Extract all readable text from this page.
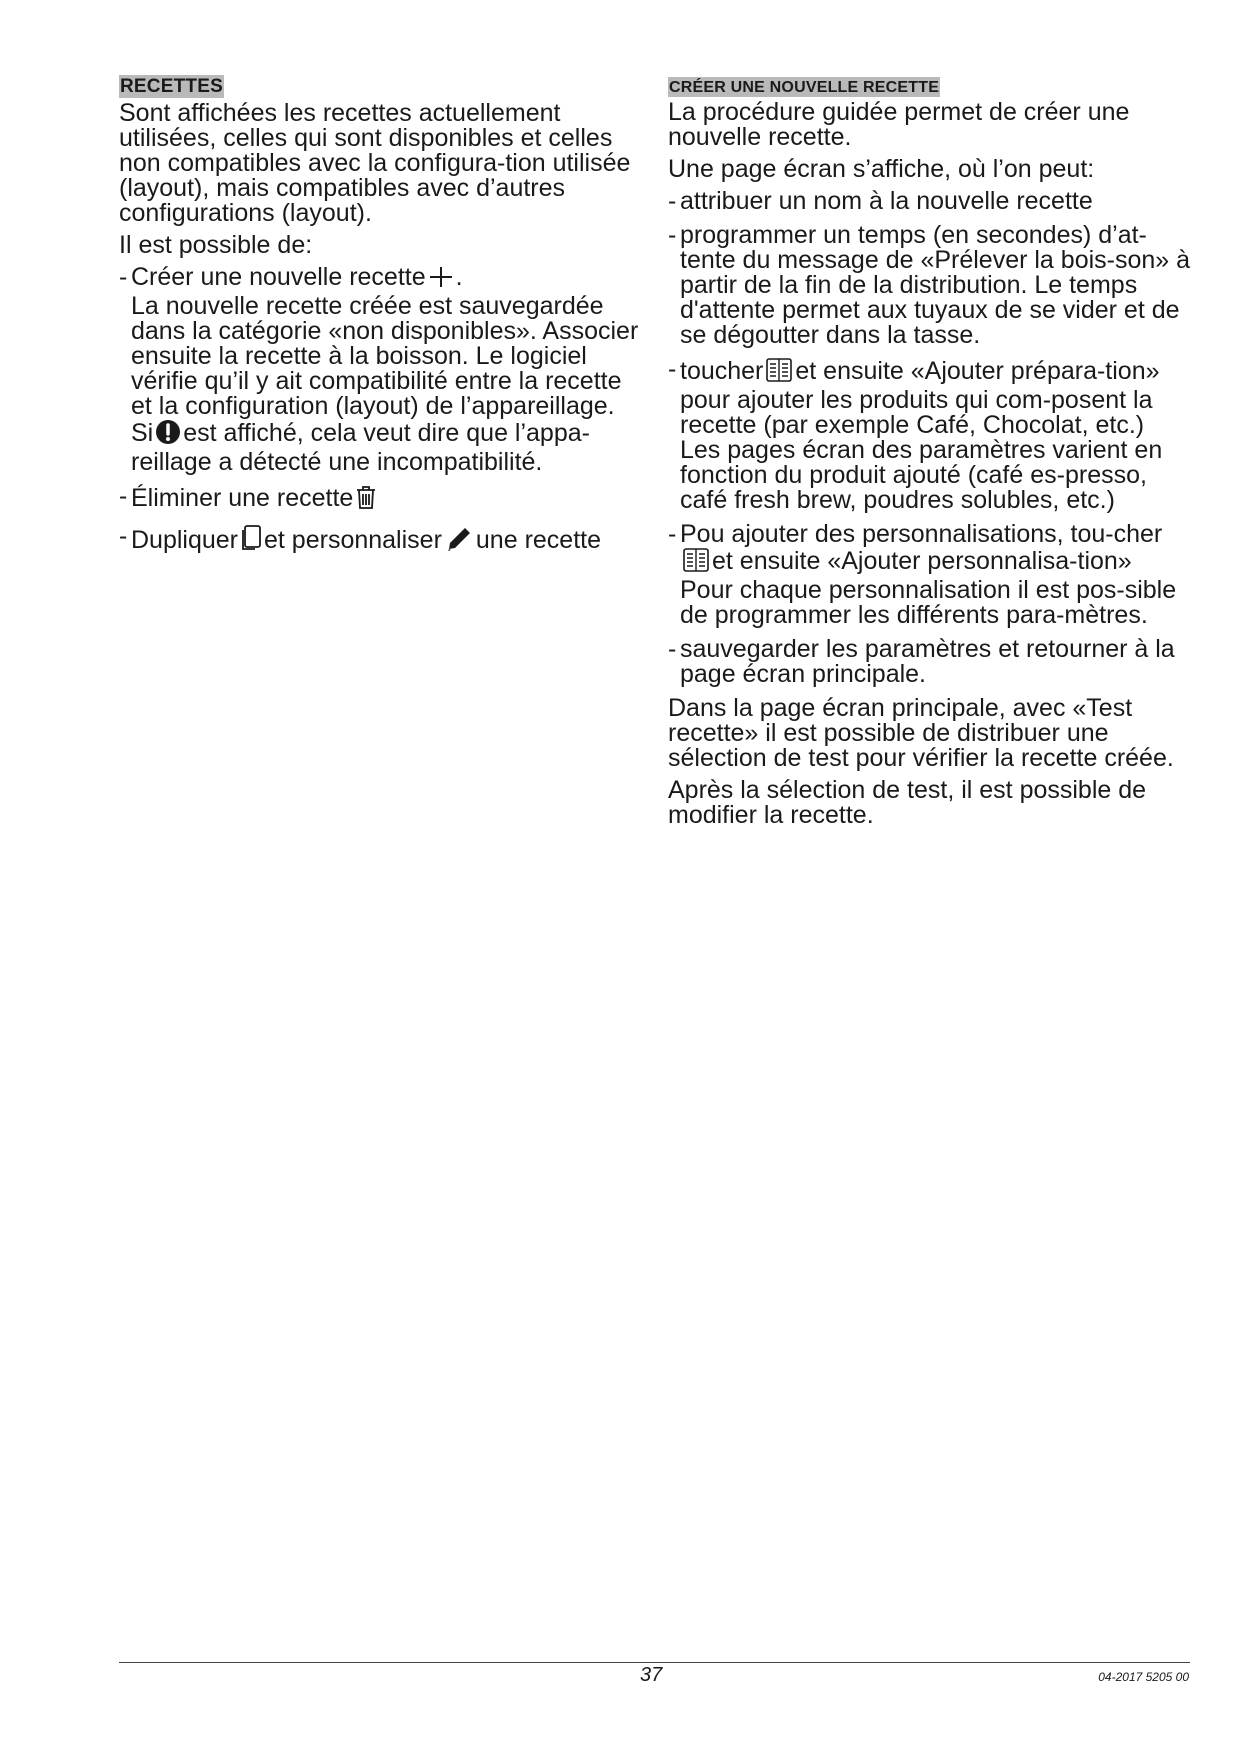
RECETTES

Sont affichées les recettes actuellement utilisées, celles qui sont disponibles et celles non compatibles avec la configura-tion utilisée (layout), mais compatibles avec d’autres configurations (layout).

Il est possible de:

- Créer une nouvelle recette .
La nouvelle recette créée est sauvegardée dans la catégorie «non disponibles». Associer ensuite la recette à la boisson. Le logiciel vérifie qu’il y ait compatibilité entre la recette et la configuration (layout) de l’appareillage.
Si est affiché, cela veut dire que l’appa-reillage a détecté une incompatibilité.
- Éliminer une recette
- Dupliquer et personnaliser une recette
CRÉER UNE NOUVELLE RECETTE

La procédure guidée permet de créer une nouvelle recette.

Une page écran s’affiche, où l’on peut:

- attribuer un nom à la nouvelle recette
- programmer un temps (en secondes) d’at-tente du message de «Prélever la bois-son» à partir de la fin de la distribution. Le temps d'attente permet aux tuyaux de se vider et de se dégoutter dans la tasse.
- toucher et ensuite «Ajouter prépara-tion» pour ajouter les produits qui com-posent la recette (par exemple Café, Chocolat, etc.)
Les pages écran des paramètres varient en fonction du produit ajouté (café es-presso, café fresh brew, poudres solubles, etc.)
- Pou ajouter des personnalisations, tou-cheret ensuite «Ajouter personnalisa-tion»
Pour chaque personnalisation il est pos-sible de programmer les différents para-mètres.
- sauvegarder les paramètres et retourner à la page écran principale.

Dans la page écran principale, avec «Test recette» il est possible de distribuer une sélection de test pour vérifier la recette créée.

Après la sélection de test, il est possible de modifier la recette.

37	04-2017 5205 00
